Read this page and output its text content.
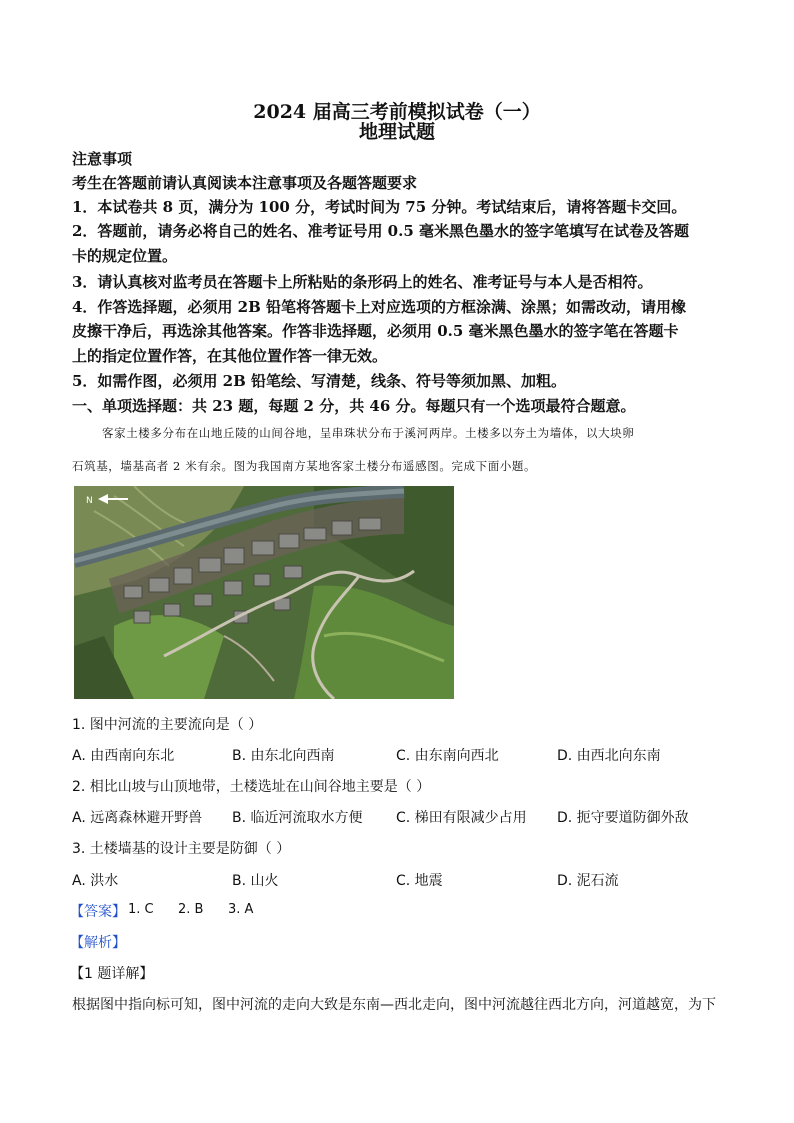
2024 届高三考前模拟试卷（一）
地理试题
注意事项
考生在答题前请认真阅读本注意事项及各题答题要求
1．本试卷共 8 页，满分为 100 分，考试时间为 75 分钟。考试结束后，请将答题卡交回。
2．答题前，请务必将自己的姓名、准考证号用 0.5 毫米黑色墨水的签字笔填写在试卷及答题
卡的规定位置。
3．请认真核对监考员在答题卡上所粘贴的条形码上的姓名、准考证号与本人是否相符。
4．作答选择题，必须用 2B 铅笔将答题卡上对应选项的方框涂满、涂黑；如需改动，请用橡
皮擦干净后，再选涂其他答案。作答非选择题，必须用 0.5 毫米黑色墨水的签字笔在答题卡
上的指定位置作答，在其他位置作答一律无效。
5．如需作图，必须用 2B 铅笔绘、写清楚，线条、符号等须加黑、加粗。
一、单项选择题：共 23 题，每题 2 分，共 46 分。每题只有一个选项最符合题意。
客家土楼多分布在山地丘陵的山间谷地，呈串珠状分布于溪河两岸。土楼多以夯土为墙体，以大块卵
石筑基，墙基高者 2 米有余。图为我国南方某地客家土楼分布遥感图。完成下面小题。
N
1. 图中河流的主要流向是（ ）
A. 由西南向东北	B. 由东北向西南	C. 由东南向西北	D. 由西北向东南
2. 相比山坡与山顶地带，土楼选址在山间谷地主要是（ ）
A. 远离森林避开野兽 B. 临近河流取水方便 C. 梯田有限减少占用 D. 扼守要道防御外敌
3. 土楼墙基的设计主要是防御（ ）
A. 洪水	B. 山火	C. 地震	D. 泥石流
【答案】 1. C 2. B 3. A
【解析】
【1 题详解】
根据图中指向标可知，图中河流的走向大致是东南—西北走向，图中河流越往西北方向，河道越宽，为下
